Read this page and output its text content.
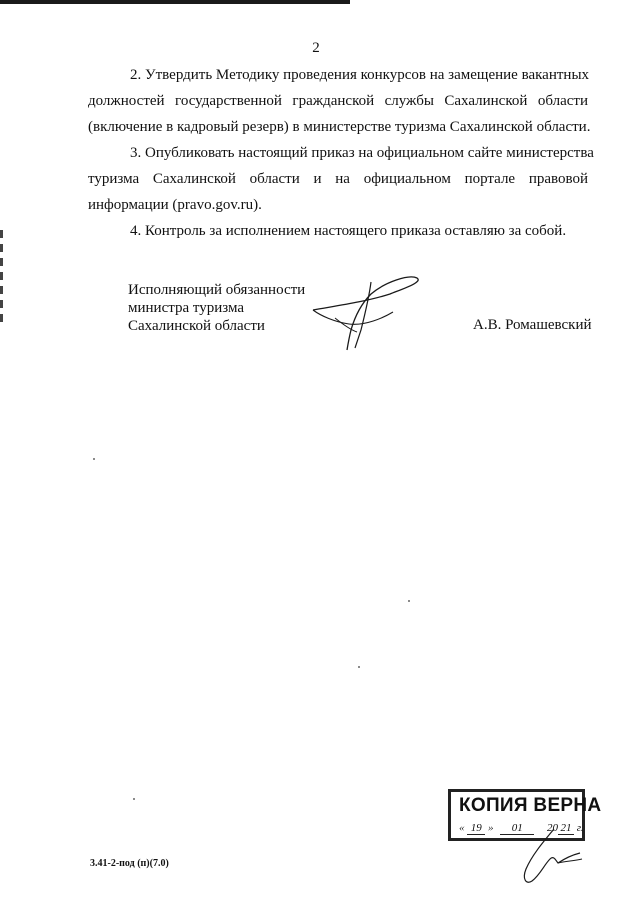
2
2. Утвердить Методику проведения конкурсов на замещение вакантных
должностей государственной гражданской службы Сахалинской области
(включение в кадровый резерв) в министерстве туризма Сахалинской области.
3. Опубликовать настоящий приказ на официальном сайте министерства
туризма Сахалинской области и на официальном портале правовой
информации (pravo.gov.ru).
4. Контроль за исполнением настоящего приказа оставляю за собой.
Исполняющий обязанности
министра туризма
Сахалинской области	А.В. Ромашевский
КОПИЯ ВЕРНА
« 19 » 01 20 21 г.
3.41-2-под (п)(7.0)
